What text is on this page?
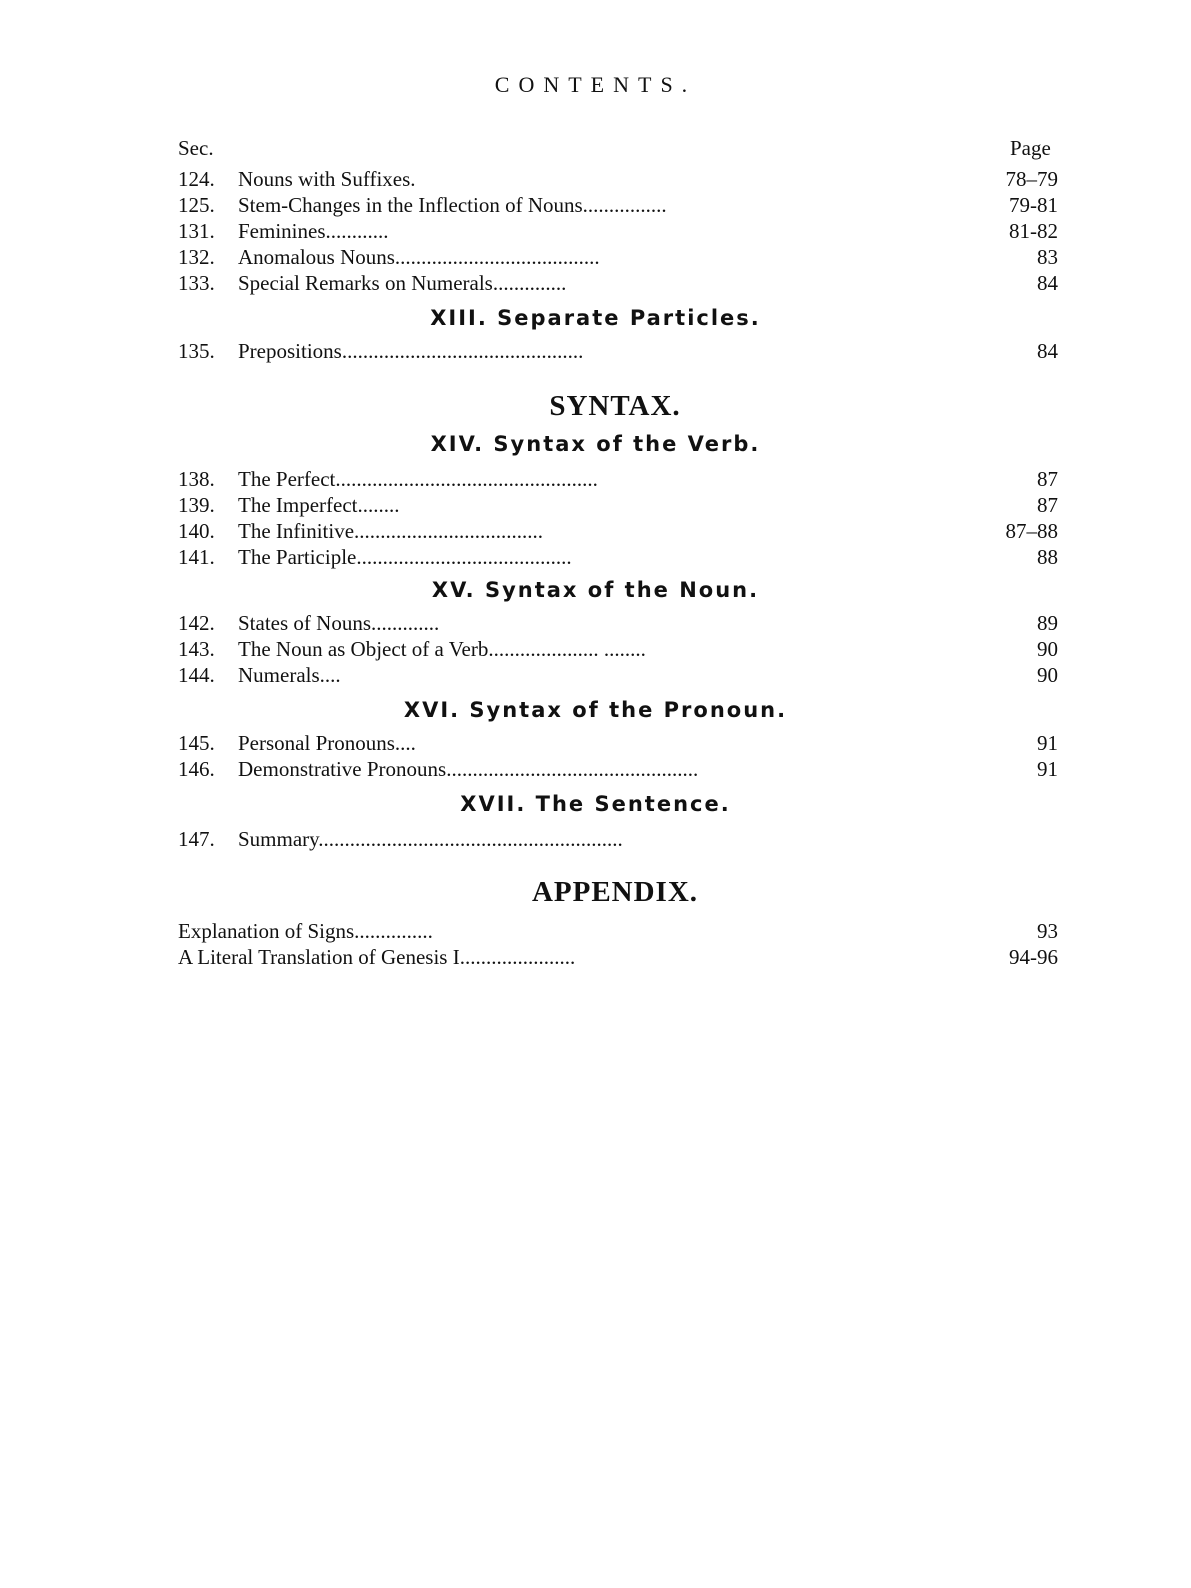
CONTENTS.
Sec.	Page
124.	Nouns with Suffixes.	78–79
125.	Stem-Changes in the Inflection of Nouns................	79-81
131.	Feminines............	81-82
132.	Anomalous Nouns.......................................	83
133.	Special Remarks on Numerals..............	84
XIII. Separate Particles.
135.	Prepositions..............................................	84
SYNTAX.
XIV. Syntax of the Verb.
138.	The Perfect..................................................	87
139.	The Imperfect........	87
140.	The Infinitive....................................	87–88
141.	The Participle.........................................	88
XV. Syntax of the Noun.
142.	States of Nouns.............	89
143.	The Noun as Object of a Verb..................... ........	90
144.	Numerals....	90
XVI. Syntax of the Pronoun.
145.	Personal Pronouns....	91
146.	Demonstrative Pronouns................................................	91
XVII. The Sentence.
147.	Summary..........................................................
APPENDIX.
Explanation of Signs...............	93
A Literal Translation of Genesis I......................	94-96
